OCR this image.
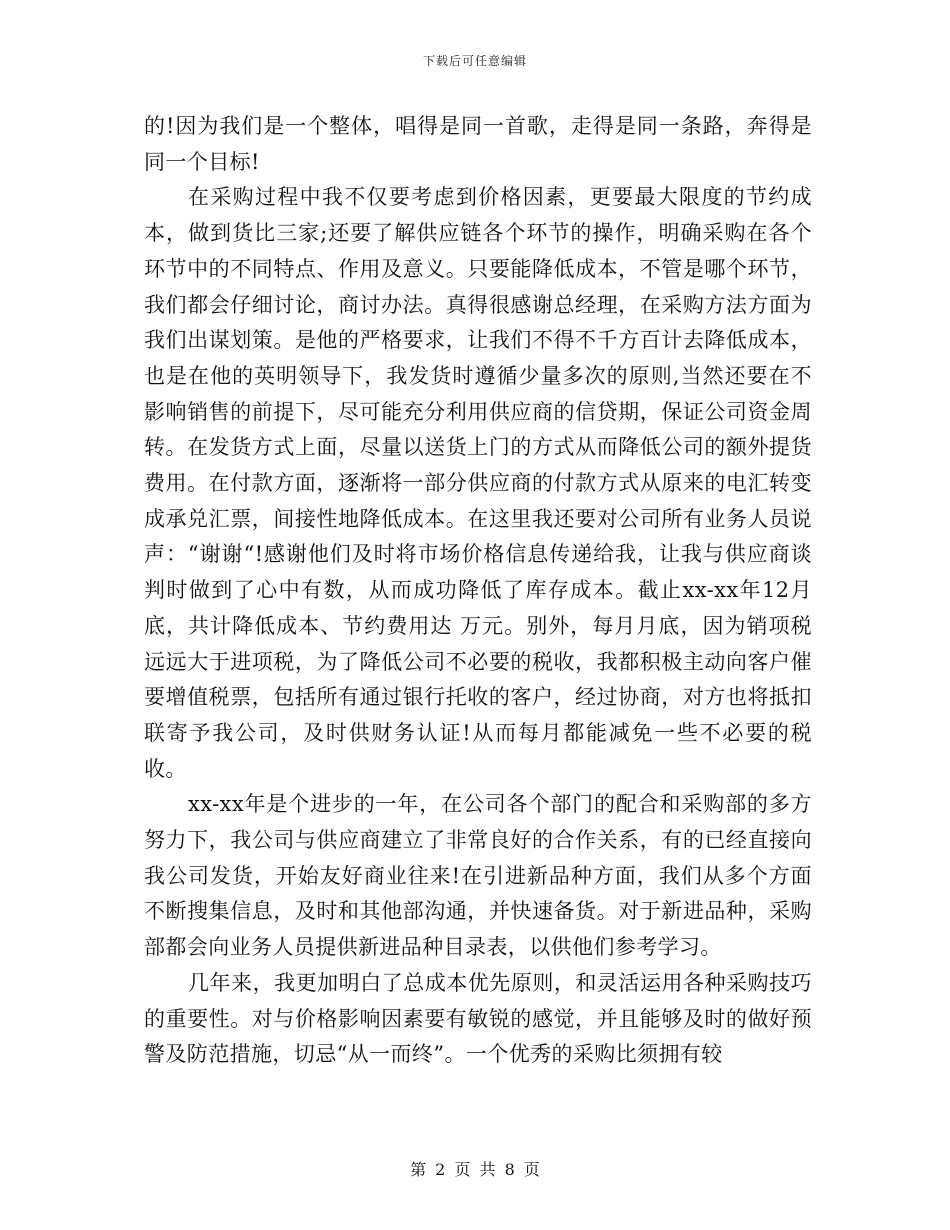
下载后可任意编辑

的!因为我们是一个整体，唱得是同一首歌，走得是同一条路，奔得是同一个目标!

在采购过程中我不仅要考虑到价格因素，更要最大限度的节约成本，做到货比三家;还要了解供应链各个环节的操作，明确采购在各个环节中的不同特点、作用及意义。只要能降低成本，不管是哪个环节，我们都会仔细讨论，商讨办法。真得很感谢总经理，在采购方法方面为我们出谋划策。是他的严格要求，让我们不得不千方百计去降低成本，也是在他的英明领导下，我发货时遵循少量多次的原则,当然还要在不影响销售的前提下，尽可能充分利用供应商的信贷期，保证公司资金周转。在发货方式上面，尽量以送货上门的方式从而降低公司的额外提货费用。在付款方面，逐渐将一部分供应商的付款方式从原来的电汇转变成承兑汇票，间接性地降低成本。在这里我还要对公司所有业务人员说声：“谢谢“!感谢他们及时将市场价格信息传递给我，让我与供应商谈判时做到了心中有数，从而成功降低了库存成本。截止xx-xx年12月底，共计降低成本、节约费用达 万元。别外，每月月底，因为销项税远远大于进项税，为了降低公司不必要的税收，我都积极主动向客户催要增值税票，包括所有通过银行托收的客户，经过协商，对方也将抵扣联寄予我公司，及时供财务认证!从而每月都能减免一些不必要的税收。

xx-xx年是个进步的一年，在公司各个部门的配合和采购部的多方努力下，我公司与供应商建立了非常良好的合作关系，有的已经直接向我公司发货，开始友好商业往来!在引进新品种方面，我们从多个方面不断搜集信息，及时和其他部沟通，并快速备货。对于新进品种，采购部都会向业务人员提供新进品种目录表，以供他们参考学习。

几年来，我更加明白了总成本优先原则，和灵活运用各种采购技巧的重要性。对与价格影响因素要有敏锐的感觉，并且能够及时的做好预警及防范措施，切忌“从一而终”。一个优秀的采购比须拥有较

第 2 页 共 8 页
